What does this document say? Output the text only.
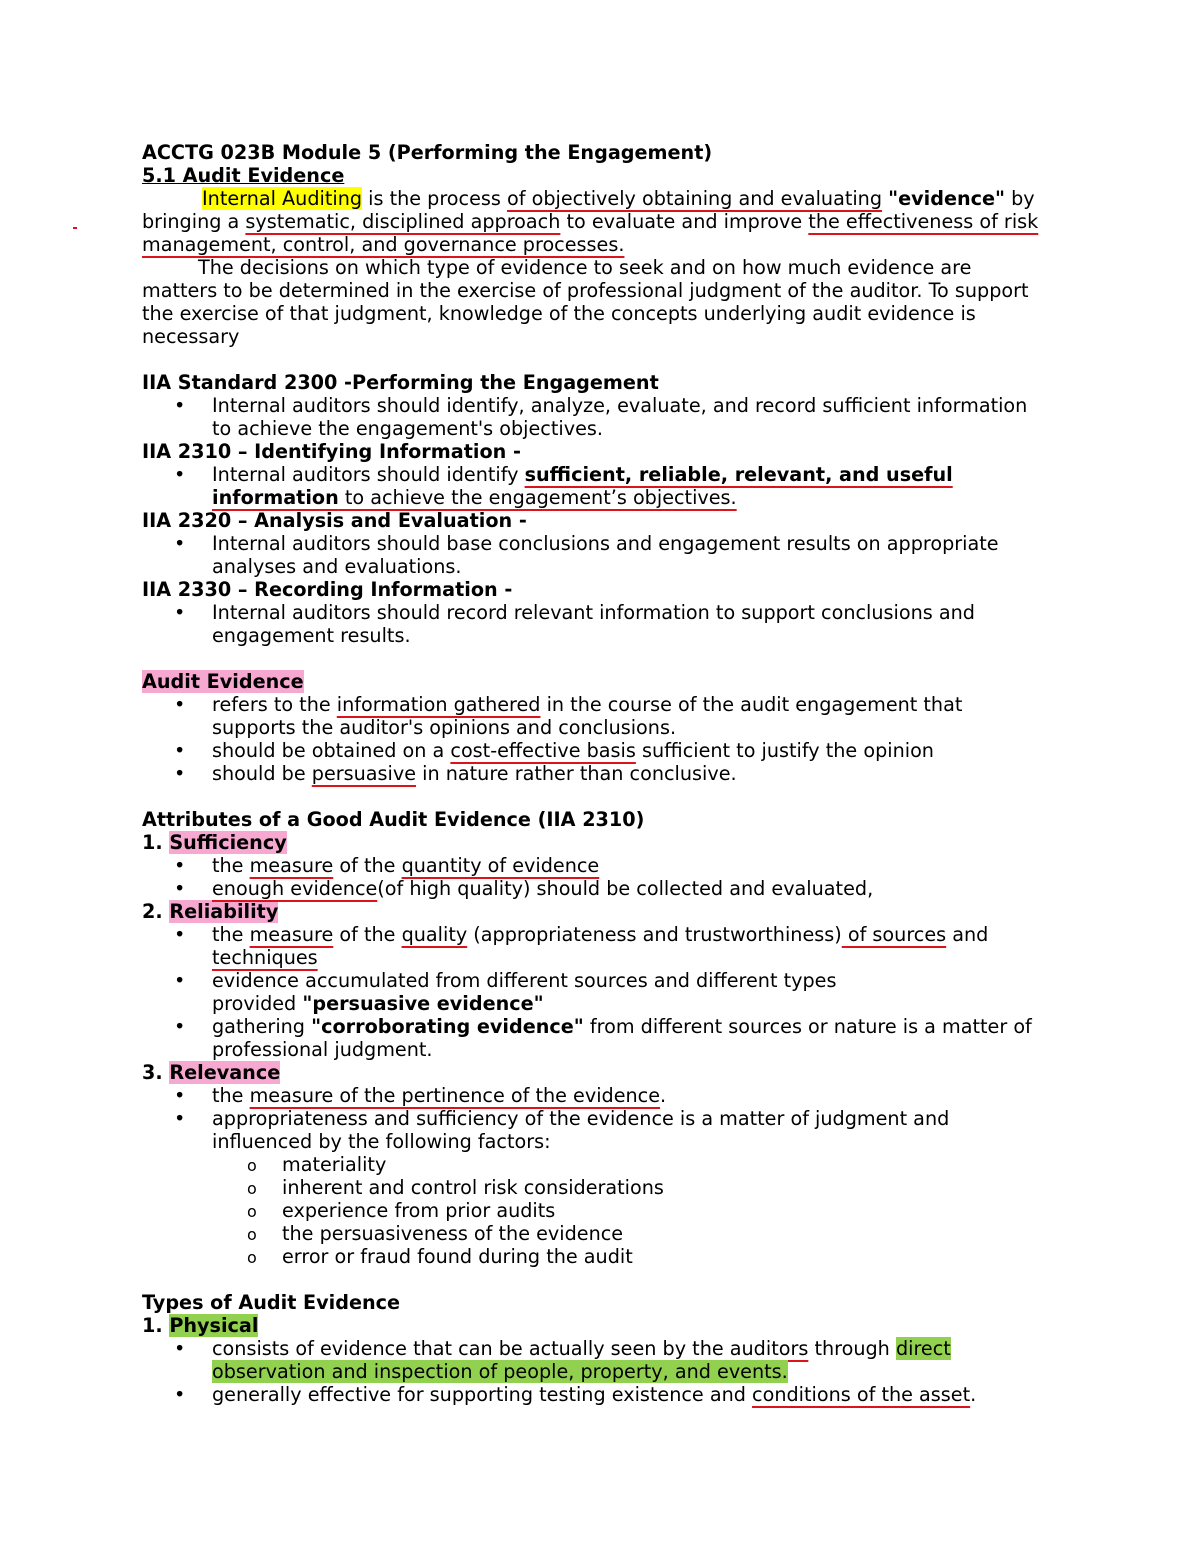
ACCTG 023B Module 5 (Performing the Engagement)
5.1 Audit Evidence
Internal Auditing is the process of objectively obtaining and evaluating "evidence" by
bringing a systematic, disciplined approach to evaluate and improve the effectiveness of risk
management, control, and governance processes.
The decisions on which type of evidence to seek and on how much evidence are
matters to be determined in the exercise of professional judgment of the auditor. To support
the exercise of that judgment, knowledge of the concepts underlying audit evidence is
necessary
IIA Standard 2300 -Performing the Engagement
• Internal auditors should identify, analyze, evaluate, and record sufficient information
to achieve the engagement's objectives.
IIA 2310 – Identifying Information -
• Internal auditors should identify sufficient, reliable, relevant, and useful
information to achieve the engagement’s objectives.
IIA 2320 – Analysis and Evaluation -
• Internal auditors should base conclusions and engagement results on appropriate
analyses and evaluations.
IIA 2330 – Recording Information -
• Internal auditors should record relevant information to support conclusions and
engagement results.
Audit Evidence
• refers to the information gathered in the course of the audit engagement that
supports the auditor's opinions and conclusions.
• should be obtained on a cost-effective basis sufficient to justify the opinion
• should be persuasive in nature rather than conclusive.
Attributes of a Good Audit Evidence (IIA 2310)
1. Sufficiency
• the measure of the quantity of evidence
• enough evidence(of high quality) should be collected and evaluated,
2. Reliability
• the measure of the quality (appropriateness and trustworthiness) of sources and
techniques
• evidence accumulated from different sources and different types
provided "persuasive evidence"
• gathering "corroborating evidence" from different sources or nature is a matter of
professional judgment.
3. Relevance
• the measure of the pertinence of the evidence.
• appropriateness and sufficiency of the evidence is a matter of judgment and
influenced by the following factors:
o materiality
o inherent and control risk considerations
o experience from prior audits
o the persuasiveness of the evidence
o error or fraud found during the audit
Types of Audit Evidence
1. Physical
• consists of evidence that can be actually seen by the auditors through direct
observation and inspection of people, property, and events.
• generally effective for supporting testing existence and conditions of the asset.
